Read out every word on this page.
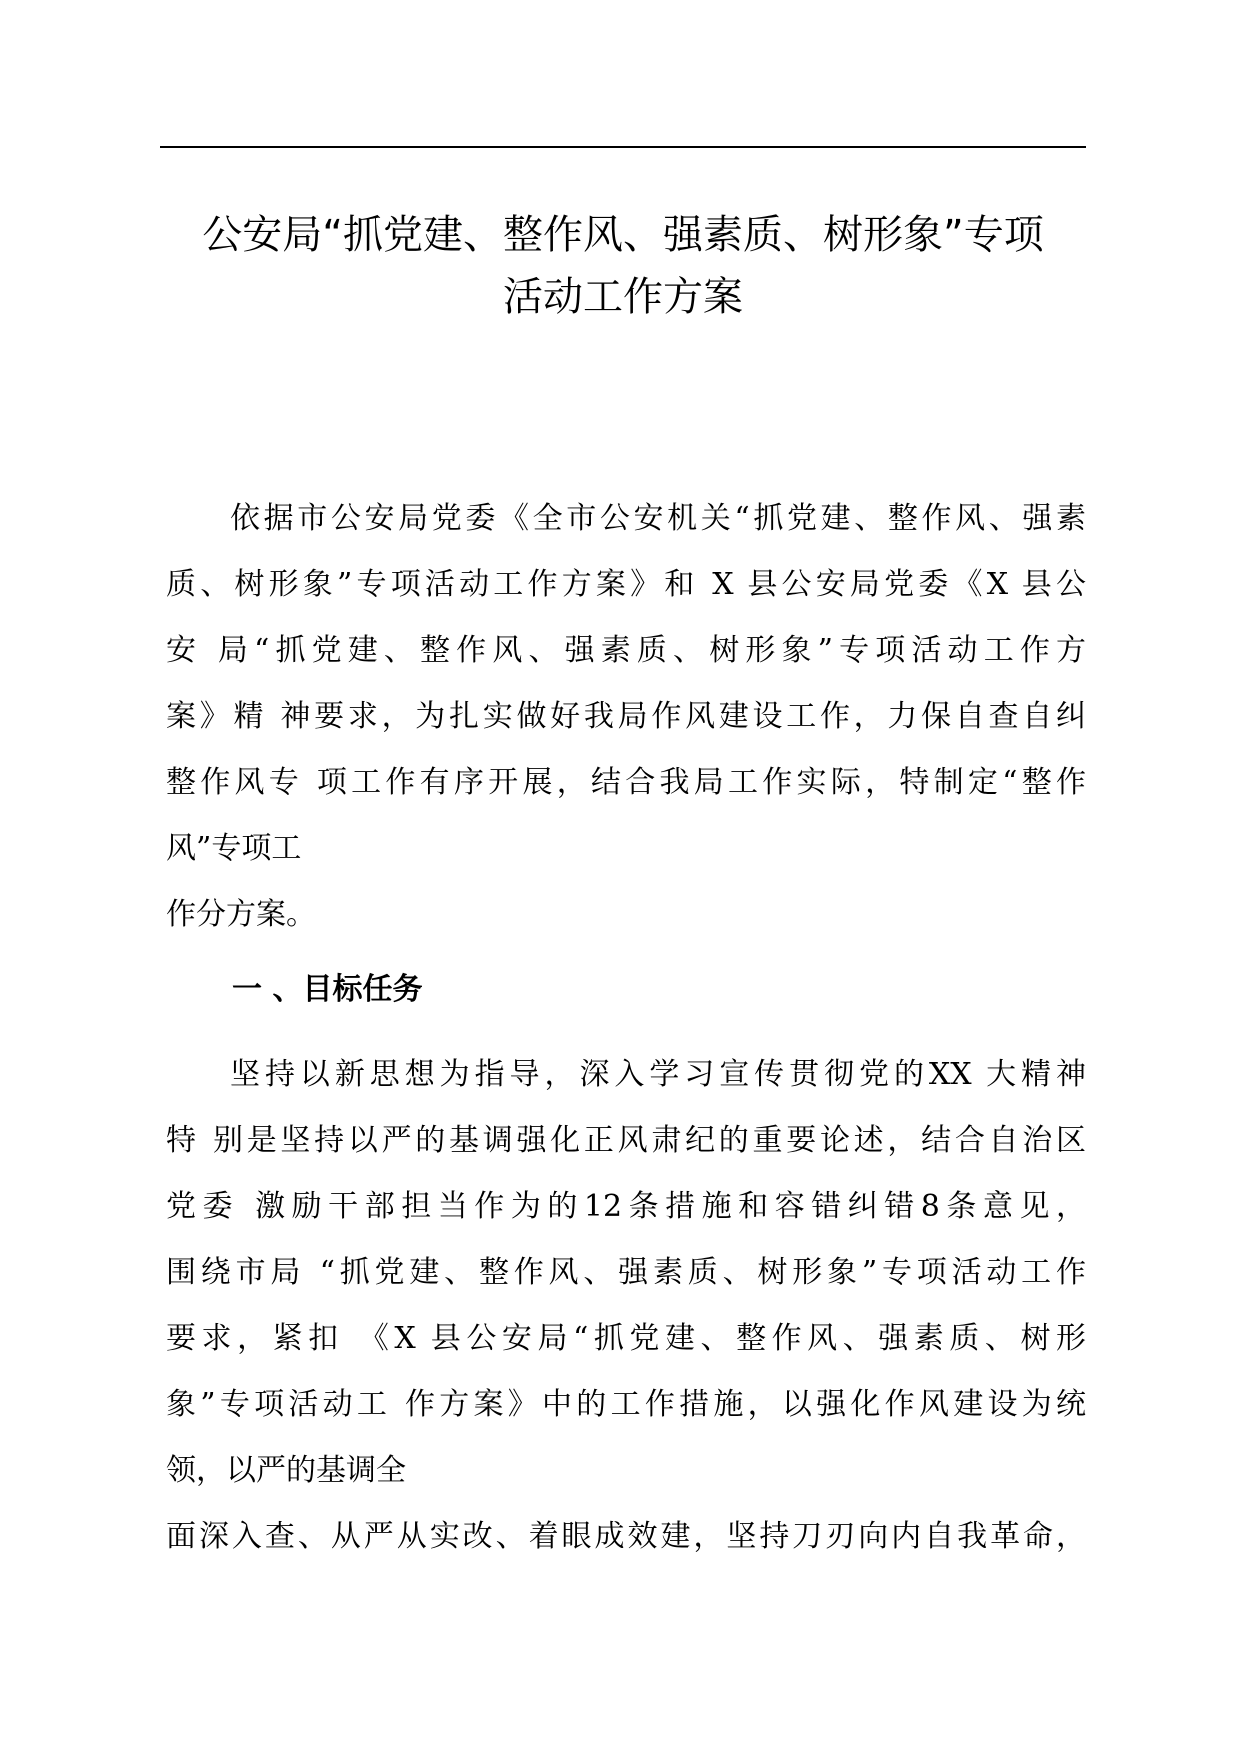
公安局“抓党建、整作风、强素质、树形象”专项
活动工作方案
依据市公安局党委《全市公安机关“抓党建、整作风、强素
质、树形象”专项活动工作方案》和 X 县公安局党委《X 县公
安 局“抓党建、整作风、强素质、树形象”专项活动工作方
案》精 神要求，为扎实做好我局作风建设工作，力保自查自纠
整作风专 项工作有序开展，结合我局工作实际，特制定“整作
风”专项工
作分方案。
一 、目标任务
坚持以新思想为指导，深入学习宣传贯彻党的XX 大精神
特 别是坚持以严的基调强化正风肃纪的重要论述，结合自治区
党委 激励干部担当作为的12条措施和容错纠错8条意见，
围绕市局 “抓党建、整作风、强素质、树形象”专项活动工作
要求，紧扣 《X 县公安局“抓党建、整作风、强素质、树形
象”专项活动工 作方案》中的工作措施，以强化作风建设为统
领，以严的基调全
面深入查、从严从实改、着眼成效建，坚持刀刃向内自我革命，
